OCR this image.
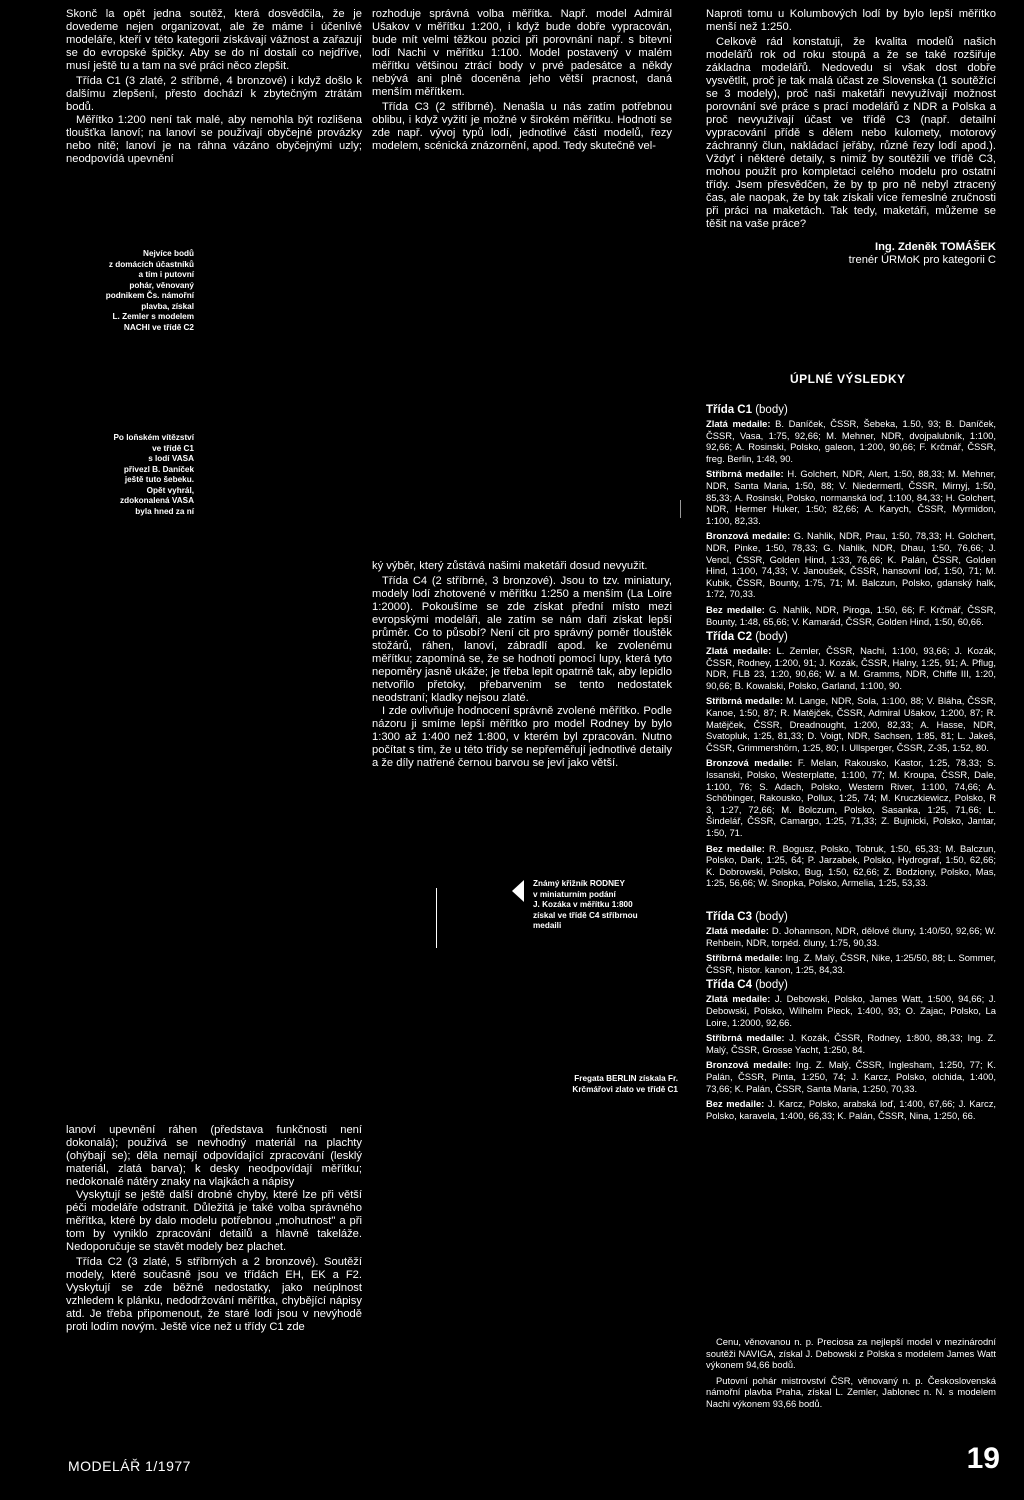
Skonč la opět jedna soutěž, která dosvědčila, že je dovedeme nejen organizovat, ale že máme i účenlivé modeláře, kteří v této kategorii získávají vážnost a zařazují se do evropské špičky. Aby se do ní dostali co nejdříve, musí ještě tu a tam na své práci něco zlepšit.

Třída C1 (3 zlaté, 2 stříbrné, 4 bronzové) i když došlo k dalšímu zlepšení, přesto dochází k zbytečným ztrátám bodů.

Měřítko 1:200 není tak malé, aby nemohla být rozlišena tloušťka lanoví; na lanoví se používají obyčejné provázky nebo nitě; lanoví je na ráhna vázáno obyčejnými uzly; neodpovídá upevnění

Nejvíce bodů
z domácích účastníků
a tím i putovní
pohár, věnovaný
podnikem Čs. námořní
plavba, získal
L. Zemler s modelem
NACHI ve třídě C2
Po loňském vítězství
ve třídě C1
s lodí VASA
přivezl B. Daníček
ještě tuto šebeku.
Opět vyhrál,
zdokonalená VASA
byla hned za ní

lanoví upevnění ráhen (představa funkčnosti není dokonalá); používá se nevhodný materiál na plachty (ohýbají se); děla nemají odpovídající zpracování (lesklý materiál, zlatá barva); k desky neodpovídají měřítku; nedokonalé nátěry znaky na vlajkách a nápisy

Vyskytují se ještě další drobné chyby, které lze při větší péči modeláře odstranit. Důležitá je také volba správného měřítka, které by dalo modelu potřebnou „mohutnost" a při tom by vyniklo zpracování detailů a hlavně takeláže. Nedoporučuje se stavět modely bez plachet.

Třída C2 (3 zlaté, 5 stříbrných a 2 bronzové). Soutěží modely, které současně jsou ve třídách EH, EK a F2. Vyskytují se zde běžné nedostatky, jako neúplnost vzhledem k plánku, nedodržování měřítka, chybějící nápisy atd. Je třeba připomenout, že staré lodi jsou v nevýhodě proti lodím novým. Ještě více než u třídy C1 zde

rozhoduje správná volba měřítka. Např. model Admirál Ušakov v měřítku 1:200, i když bude dobře vypracován, bude mít velmi těžkou pozici při porovnání např. s bitevní lodí Nachi v měřítku 1:100. Model postavený v malém měřítku většinou ztrácí body v prvé padesátce a někdy nebývá ani plně doceněna jeho větší pracnost, daná menším měřítkem.

Třída C3 (2 stříbrné). Nenašla u nás zatím potřebnou oblibu, i když vyžití je možné v širokém měřítku. Hodnotí se zde např. vývoj typů lodí, jednotlivé části modelů, řezy modelem, scénická znázornění, apod. Tedy skutečně vel-

ký výběr, který zůstává našimi maketáři dosud nevyužit.

Třída C4 (2 stříbrné, 3 bronzové). Jsou to tzv. miniatury, modely lodí zhotovené v měřítku 1:250 a menším (La Loire 1:2000). Pokoušíme se zde získat přední místo mezi evropskými modeláři, ale zatím se nám daří získat lepší průměr. Co to působí? Není cit pro správný poměr tlouštěk stožárů, ráhen, lanoví, zábradlí apod. ke zvolenému měřítku; zapomíná se, že se hodnotí pomocí lupy, která tyto nepoměry jasně ukáže; je třeba lepit opatrně tak, aby lepidlo netvořilo přetoky, přebarvenim se tento nedostatek neodstraní; kladky nejsou zlaté.

I zde ovlivňuje hodnocení správně zvolené měřítko. Podle názoru ji smíme lepší měřítko pro model Rodney by bylo 1:300 až 1:400 než 1:800, v kterém byl zpracován. Nutno počítat s tím, že u této třídy se nepřeměřují jednotlivé detaily a že díly natřené černou barvou se jeví jako větší.

Známý křižník RODNEY
v miniaturním podání
J. Kozáka v měřítku 1:800
získal ve třídě C4 stříbrnou
medaili
Fregata BERLIN získala Fr.
Krčmářovi zlato ve třídě C1

Naproti tomu u Kolumbových lodí by bylo lepší měřítko menší než 1:250.

Celkově rád konstatuji, že kvalita modelů našich modelářů rok od roku stoupá a že se také rozšiřuje základna modelářů. Nedovedu si však dost dobře vysvětlit, proč je tak malá účast ze Slovenska (1 soutěžící se 3 modely), proč naši maketáři nevyužívají možnost porovnání své práce s prací modelářů z NDR a Polska a proč nevyužívají účast ve třídě C3 (např. detailní vypracování přídě s dělem nebo kulomety, motorový záchranný člun, nakládací jeřáby, různé řezy lodí apod.). Vždyť i některé detaily, s nimiž by soutěžili ve třídě C3, mohou použít pro kompletaci celého modelu pro ostatní třídy. Jsem přesvědčen, že by tp pro ně nebyl ztracený čas, ale naopak, že by tak získali více řemeslné zručnosti při práci na maketách. Tak tedy, maketáři, můžeme se těšit na vaše práce?

Ing. Zdeněk TOMÁŠEK
trenér ÚRMoK pro kategorii C
ÚPLNÉ VÝSLEDKY
Třída C1 (body)

Zlatá medaile: B. Daníček, ČSSR, Šebeka, 1.50, 93; B. Daníček, ČSSR, Vasa, 1:75, 92,66; M. Mehner, NDR, dvojpalubník, 1:100, 92,66; A. Rosinski, Polsko, galeon, 1:200, 90,66; F. Krčmář, ČSSR, freg. Berlin, 1:48, 90.

Stříbrná medaile: H. Golchert, NDR, Alert, 1:50, 88,33; M. Mehner, NDR, Santa Maria, 1:50, 88; V. Niedermertl, ČSSR, Mirnyj, 1:50, 85,33; A. Rosinski, Polsko, normanská loď, 1:100, 84,33; H. Golchert, NDR, Hermer Huker, 1:50; 82,66; A. Karych, ČSSR, Myrmidon, 1:100, 82,33.

Bronzová medaile: G. Nahlik, NDR, Prau, 1:50, 78,33; H. Golchert, NDR, Pinke, 1:50, 78,33; G. Nahlik, NDR, Dhau, 1:50, 76,66; J. Vencl, ČSSR, Golden Hind, 1:33, 76,66; K. Palán, ČSSR, Golden Hind, 1:100, 74,33; V. Janoušek, ČSSR, hansovní loď, 1:50, 71; M. Kubik, ČSSR, Bounty, 1:75, 71; M. Balczun, Polsko, gdanský halk, 1:72, 70,33.

Bez medaile: G. Nahlik, NDR, Piroga, 1:50, 66; F. Krčmář, ČSSR, Bounty, 1:48, 65,66; V. Kamarád, ČSSR, Golden Hind, 1:50, 60,66.

Třída C2 (body)

Zlatá medaile: L. Zemler, ČSSR, Nachi, 1:100, 93,66; J. Kozák, ČSSR, Rodney, 1:200, 91; J. Kozák, ČSSR, Halny, 1:25, 91; A. Pflug, NDR, FLB 23, 1:20, 90,66; W. a M. Gramms, NDR, Chiffe III, 1:20, 90,66; B. Kowalski, Polsko, Garland, 1:100, 90.

Stříbrná medaile: M. Lange, NDR, Sola, 1:100, 88; V. Bláha, ČSSR, Kanoe, 1:50, 87; R. Matějček, ČSSR, Admiral Ušakov, 1:200, 87; R. Matějček, ČSSR, Dreadnought, 1:200, 82,33; A. Hasse, NDR, Svatopluk, 1:25, 81,33; D. Voigt, NDR, Sachsen, 1:85, 81; L. Jakeš, ČSSR, Grimmershörn, 1:25, 80; I. Ullsperger, ČSSR, Z-35, 1:52, 80.

Bronzová medaile: F. Melan, Rakousko, Kastor, 1:25, 78,33; S. Issanski, Polsko, Westerplatte, 1:100, 77; M. Kroupa, ČSSR, Dale, 1:100, 76; S. Adach, Polsko, Western River, 1:100, 74,66; A. Schöbinger, Rakousko, Pollux, 1:25, 74; M. Kruczkiewicz, Polsko, R 3, 1:27, 72,66; M. Bolczum, Polsko, Sasanka, 1:25, 71,66; L. Šindelář, ČSSR, Camargo, 1:25, 71,33; Z. Bujnicki, Polsko, Jantar, 1:50, 71.

Bez medaile: R. Bogusz, Polsko, Tobruk, 1:50, 65,33; M. Balczun, Polsko, Dark, 1:25, 64; P. Jarzabek, Polsko, Hydrograf, 1:50, 62,66; K. Dobrowski, Polsko, Bug, 1:50, 62,66; Z. Bodziony, Polsko, Mas, 1:25, 56,66; W. Snopka, Polsko, Armelia, 1:25, 53,33.

Třída C3 (body)

Zlatá medaile: D. Johannson, NDR, dělové čluny, 1:40/50, 92,66; W. Rehbein, NDR, torpéd. čluny, 1:75, 90,33.

Stříbrná medaile: Ing. Z. Malý, ČSSR, Nike, 1:25/50, 88; L. Sommer, ČSSR, histor. kanon, 1:25, 84,33.

Třída C4 (body)

Zlatá medaile: J. Debowski, Polsko, James Watt, 1:500, 94,66; J. Debowski, Polsko, Wilhelm Pieck, 1:400, 93; O. Zajac, Polsko, La Loire, 1:2000, 92,66.

Stříbrná medaile: J. Kozák, ČSSR, Rodney, 1:800, 88,33; Ing. Z. Malý, ČSSR, Grosse Yacht, 1:250, 84.

Bronzová medaile: Ing. Z. Malý, ČSSR, Inglesham, 1:250, 77; K. Palán, ČSSR, Pinta, 1:250, 74; J. Karcz, Polsko, olchida, 1:400, 73,66; K. Palán, ČSSR, Santa Maria, 1:250, 70,33.

Bez medaile: J. Karcz, Polsko, arabská loď, 1:400, 67,66; J. Karcz, Polsko, karavela, 1:400, 66,33; K. Palán, ČSSR, Nina, 1:250, 66.

Cenu, věnovanou n. p. Preciosa za nejlepší model v mezinárodní soutěži NAVIGA, získal J. Debowski z Polska s modelem James Watt výkonem 94,66 bodů.

Putovní pohár mistrovství ČSR, věnovaný n. p. Československá námořní plavba Praha, získal L. Zemler, Jablonec n. N. s modelem Nachi výkonem 93,66 bodů.

MODELÁŘ 1/1977	19
